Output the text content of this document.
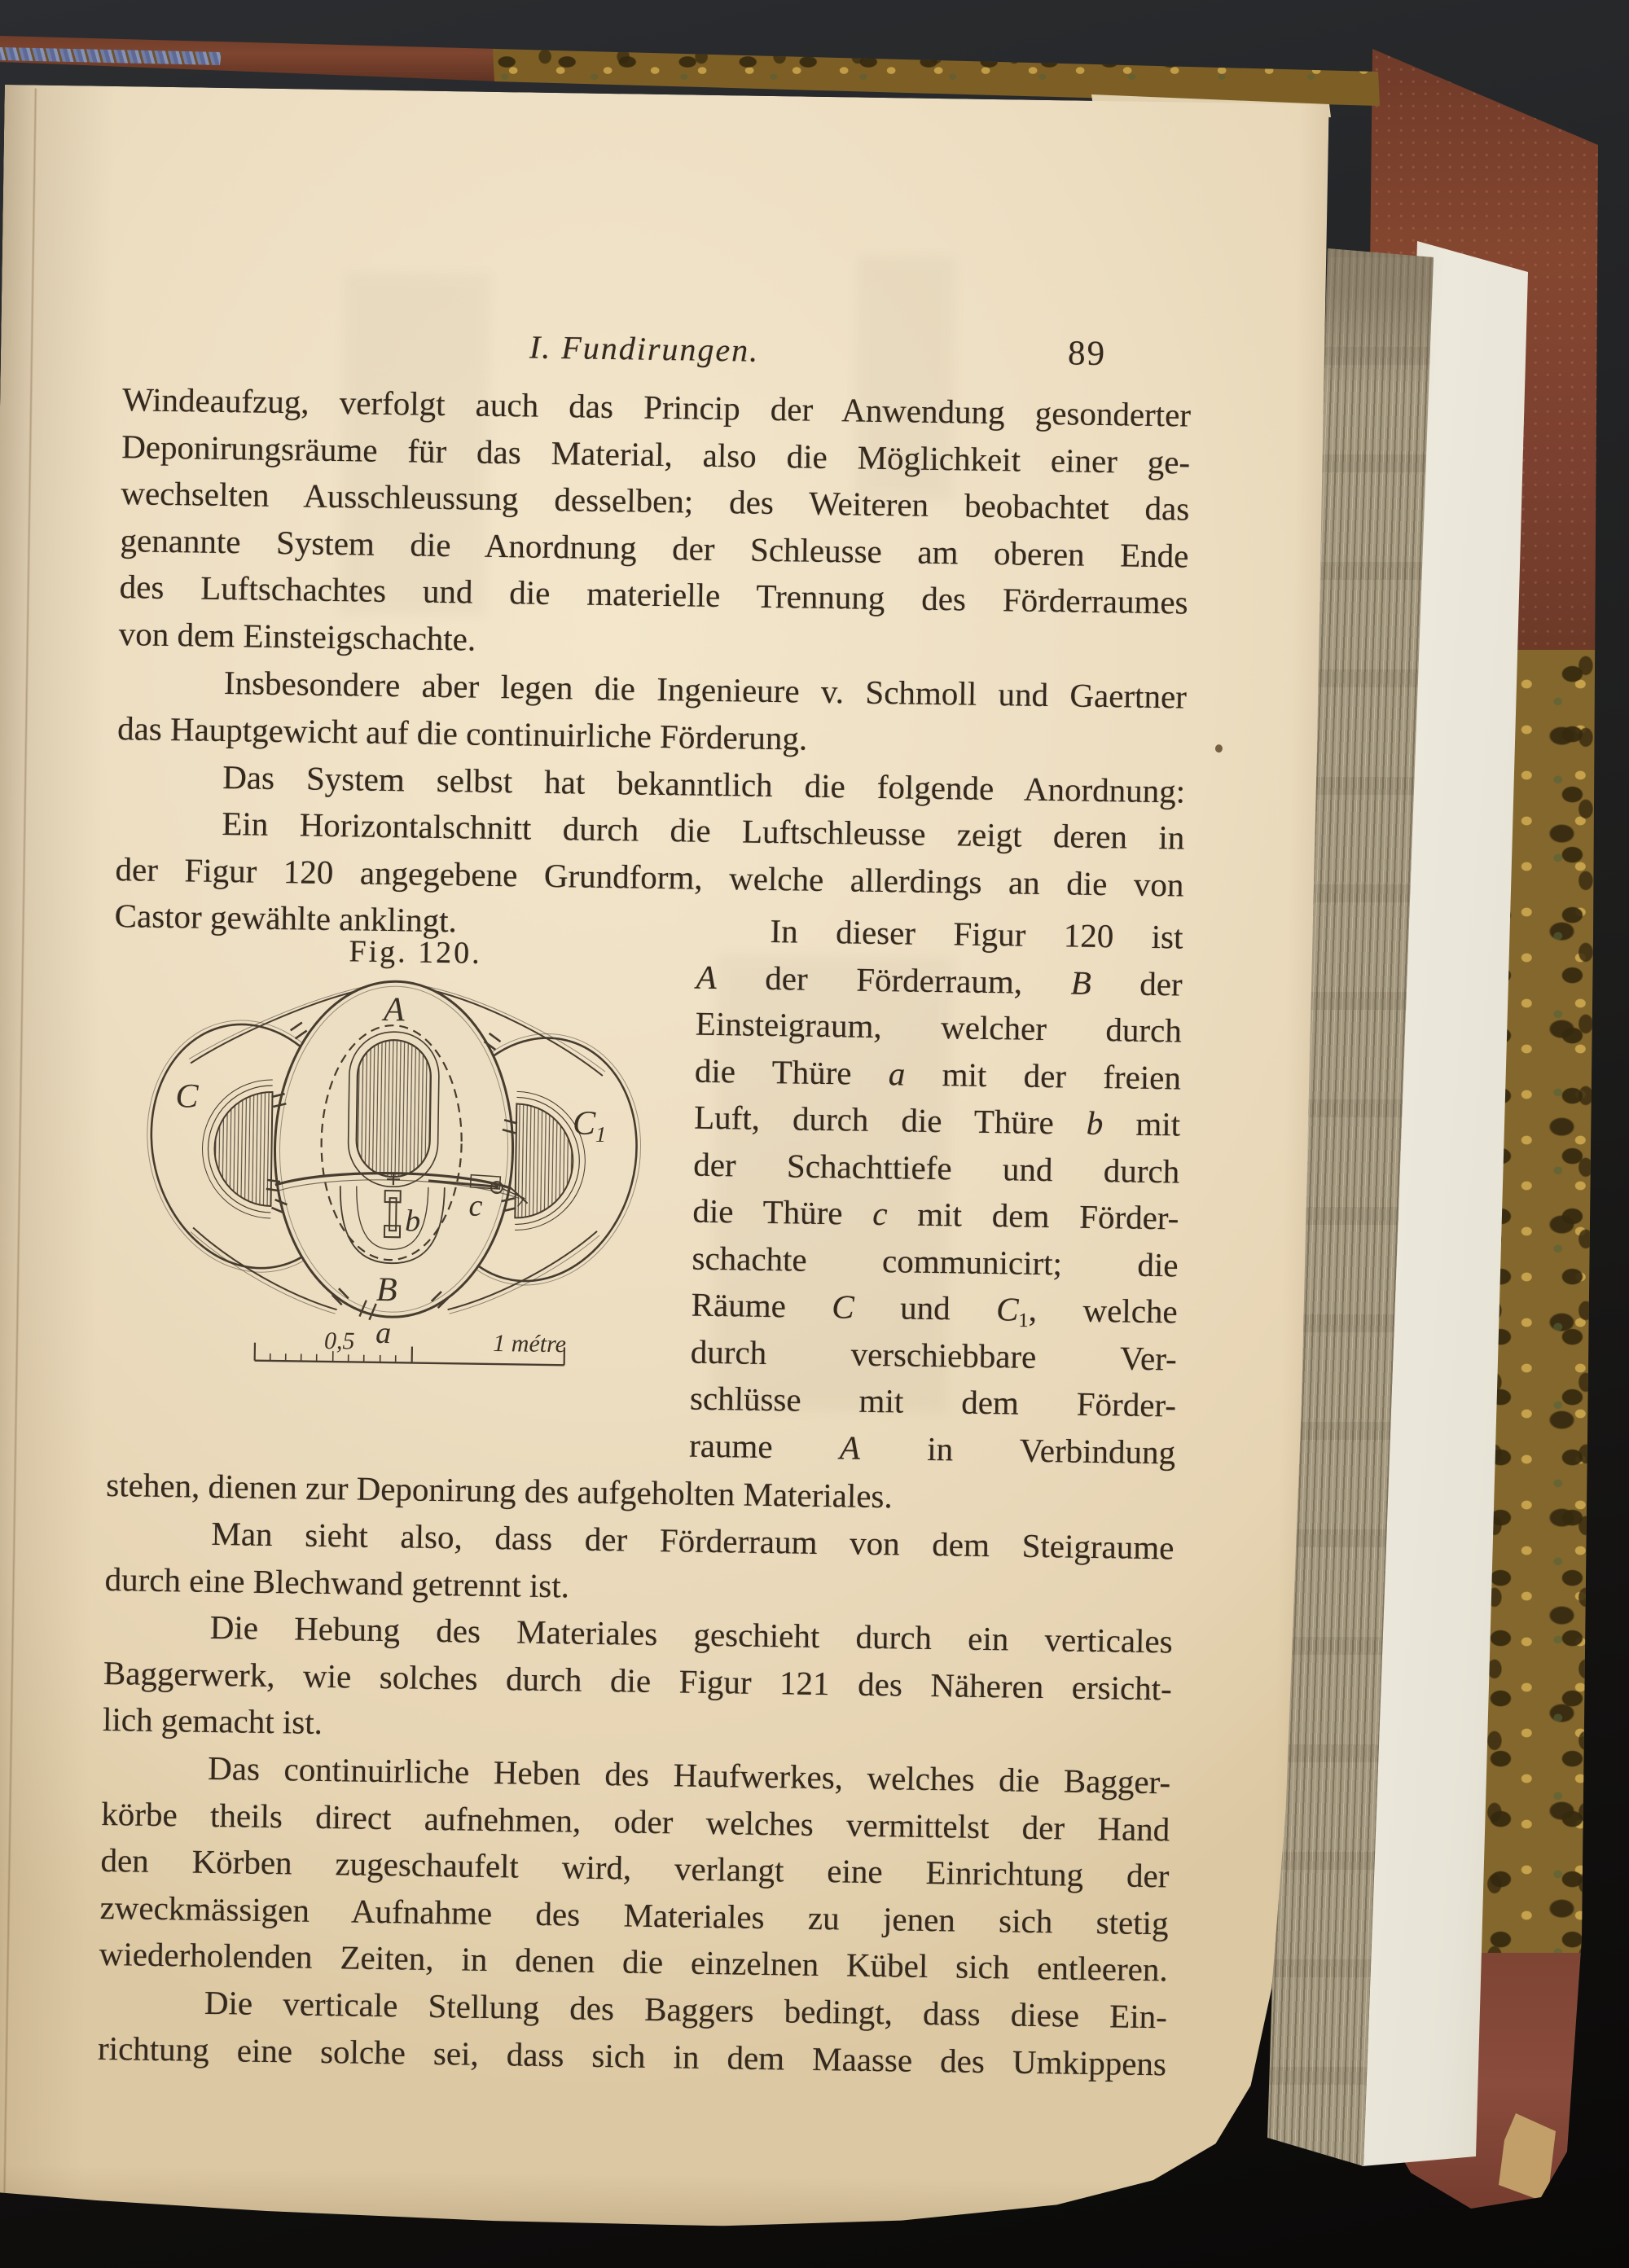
I. Fundirungen.	89
Windeaufzug, verfolgt auch das Princip der Anwendung gesonderter
Deponirungsräume für das Material, also die Möglichkeit einer ge-
wechselten Ausschleussung desselben; des Weiteren beobachtet das
genannte System die Anordnung der Schleusse am oberen Ende
des Luftschachtes und die materielle Trennung des Förderraumes
von dem Einsteigschachte.
Insbesondere aber legen die Ingenieure v. Schmoll und Gaertner
das Hauptgewicht auf die continuirliche Förderung.
Das System selbst hat bekanntlich die folgende Anordnung:
Ein Horizontalschnitt durch die Luftschleusse zeigt deren in
der Figur 120 angegebene Grundform, welche allerdings an die von
Castor gewählte anklingt.	In dieser Figur 120 ist
A der Förderraum, B der
Einsteigraum, welcher durch
die Thüre a mit der freien
Luft, durch die Thüre b mit
der Schachttiefe und durch
die Thüre c mit dem Förder-
schachte communicirt; die
Räume C und $C_1$, welche
durch verschiebbare Ver-
schlüsse mit dem Förder-
raume A in Verbindung
stehen, dienen zur Deponirung des aufgeholten Materiales.
Man sieht also, dass der Förderraum von dem Steigraume
durch eine Blechwand getrennt ist.
Die Hebung des Materiales geschieht durch ein verticales
Baggerwerk, wie solches durch die Figur 121 des Näheren ersicht-
lich gemacht ist.
Das continuirliche Heben des Haufwerkes, welches die Bagger-
körbe theils direct aufnehmen, oder welches vermittelst der Hand
den Körben zugeschaufelt wird, verlangt eine Einrichtung der
zweckmässigen Aufnahme des Materiales zu jenen sich stetig
wiederholenden Zeiten, in denen die einzelnen Kübel sich entleeren.
Die verticale Stellung des Baggers bedingt, dass diese Ein-
richtung eine solche sei, dass sich in dem Maasse des Umkippens
Fig. 120.
A
B
C
$C_1$
a
b c
0,5	1 métre
